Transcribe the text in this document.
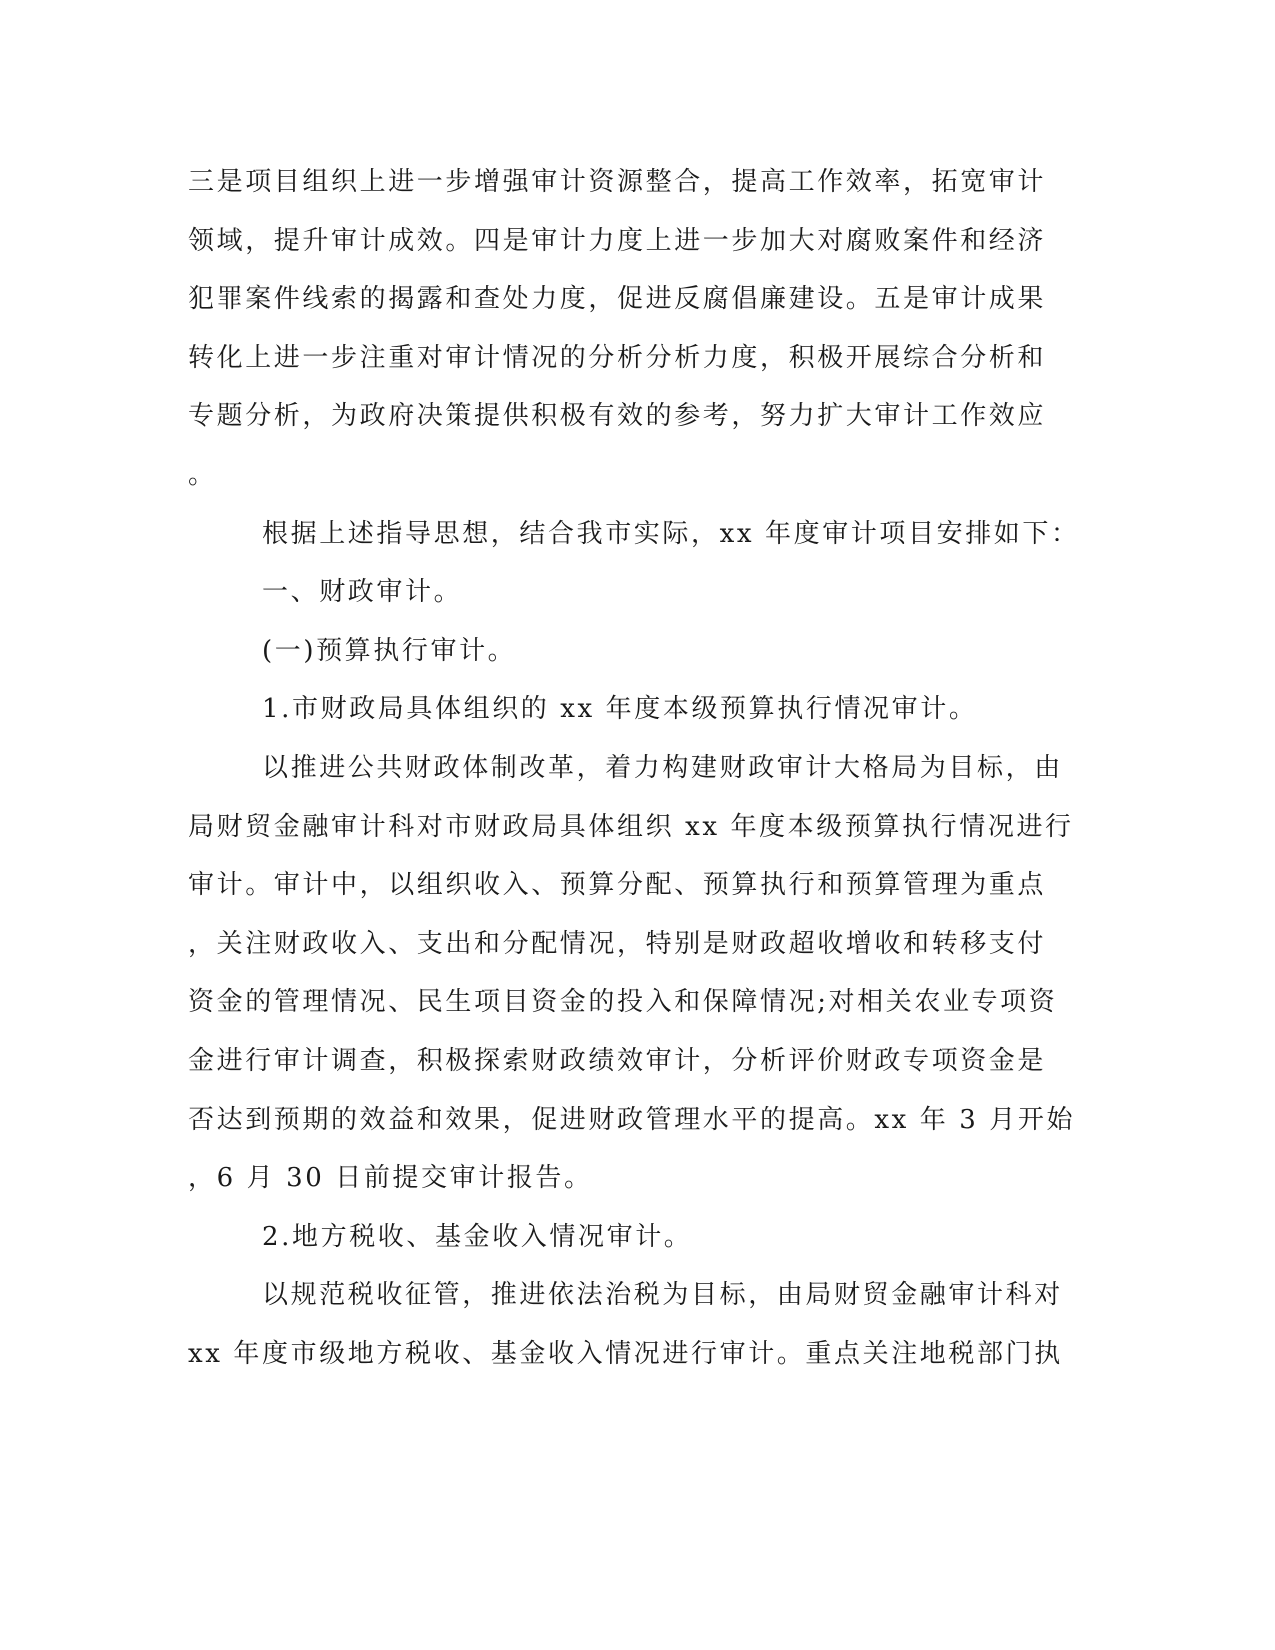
三是项目组织上进一步增强审计资源整合，提高工作效率，拓宽审计
领域，提升审计成效。四是审计力度上进一步加大对腐败案件和经济
犯罪案件线索的揭露和查处力度，促进反腐倡廉建设。五是审计成果
转化上进一步注重对审计情况的分析分析力度，积极开展综合分析和
专题分析，为政府决策提供积极有效的参考，努力扩大审计工作效应
。
根据上述指导思想，结合我市实际，xx 年度审计项目安排如下：
一、财政审计。
(一)预算执行审计。
1.市财政局具体组织的 xx 年度本级预算执行情况审计。
以推进公共财政体制改革，着力构建财政审计大格局为目标，由
局财贸金融审计科对市财政局具体组织 xx 年度本级预算执行情况进行
审计。审计中，以组织收入、预算分配、预算执行和预算管理为重点
，关注财政收入、支出和分配情况，特别是财政超收增收和转移支付
资金的管理情况、民生项目资金的投入和保障情况;对相关农业专项资
金进行审计调查，积极探索财政绩效审计，分析评价财政专项资金是
否达到预期的效益和效果，促进财政管理水平的提高。xx 年 3 月开始
，6 月 30 日前提交审计报告。
2.地方税收、基金收入情况审计。
以规范税收征管，推进依法治税为目标，由局财贸金融审计科对
xx 年度市级地方税收、基金收入情况进行审计。重点关注地税部门执
